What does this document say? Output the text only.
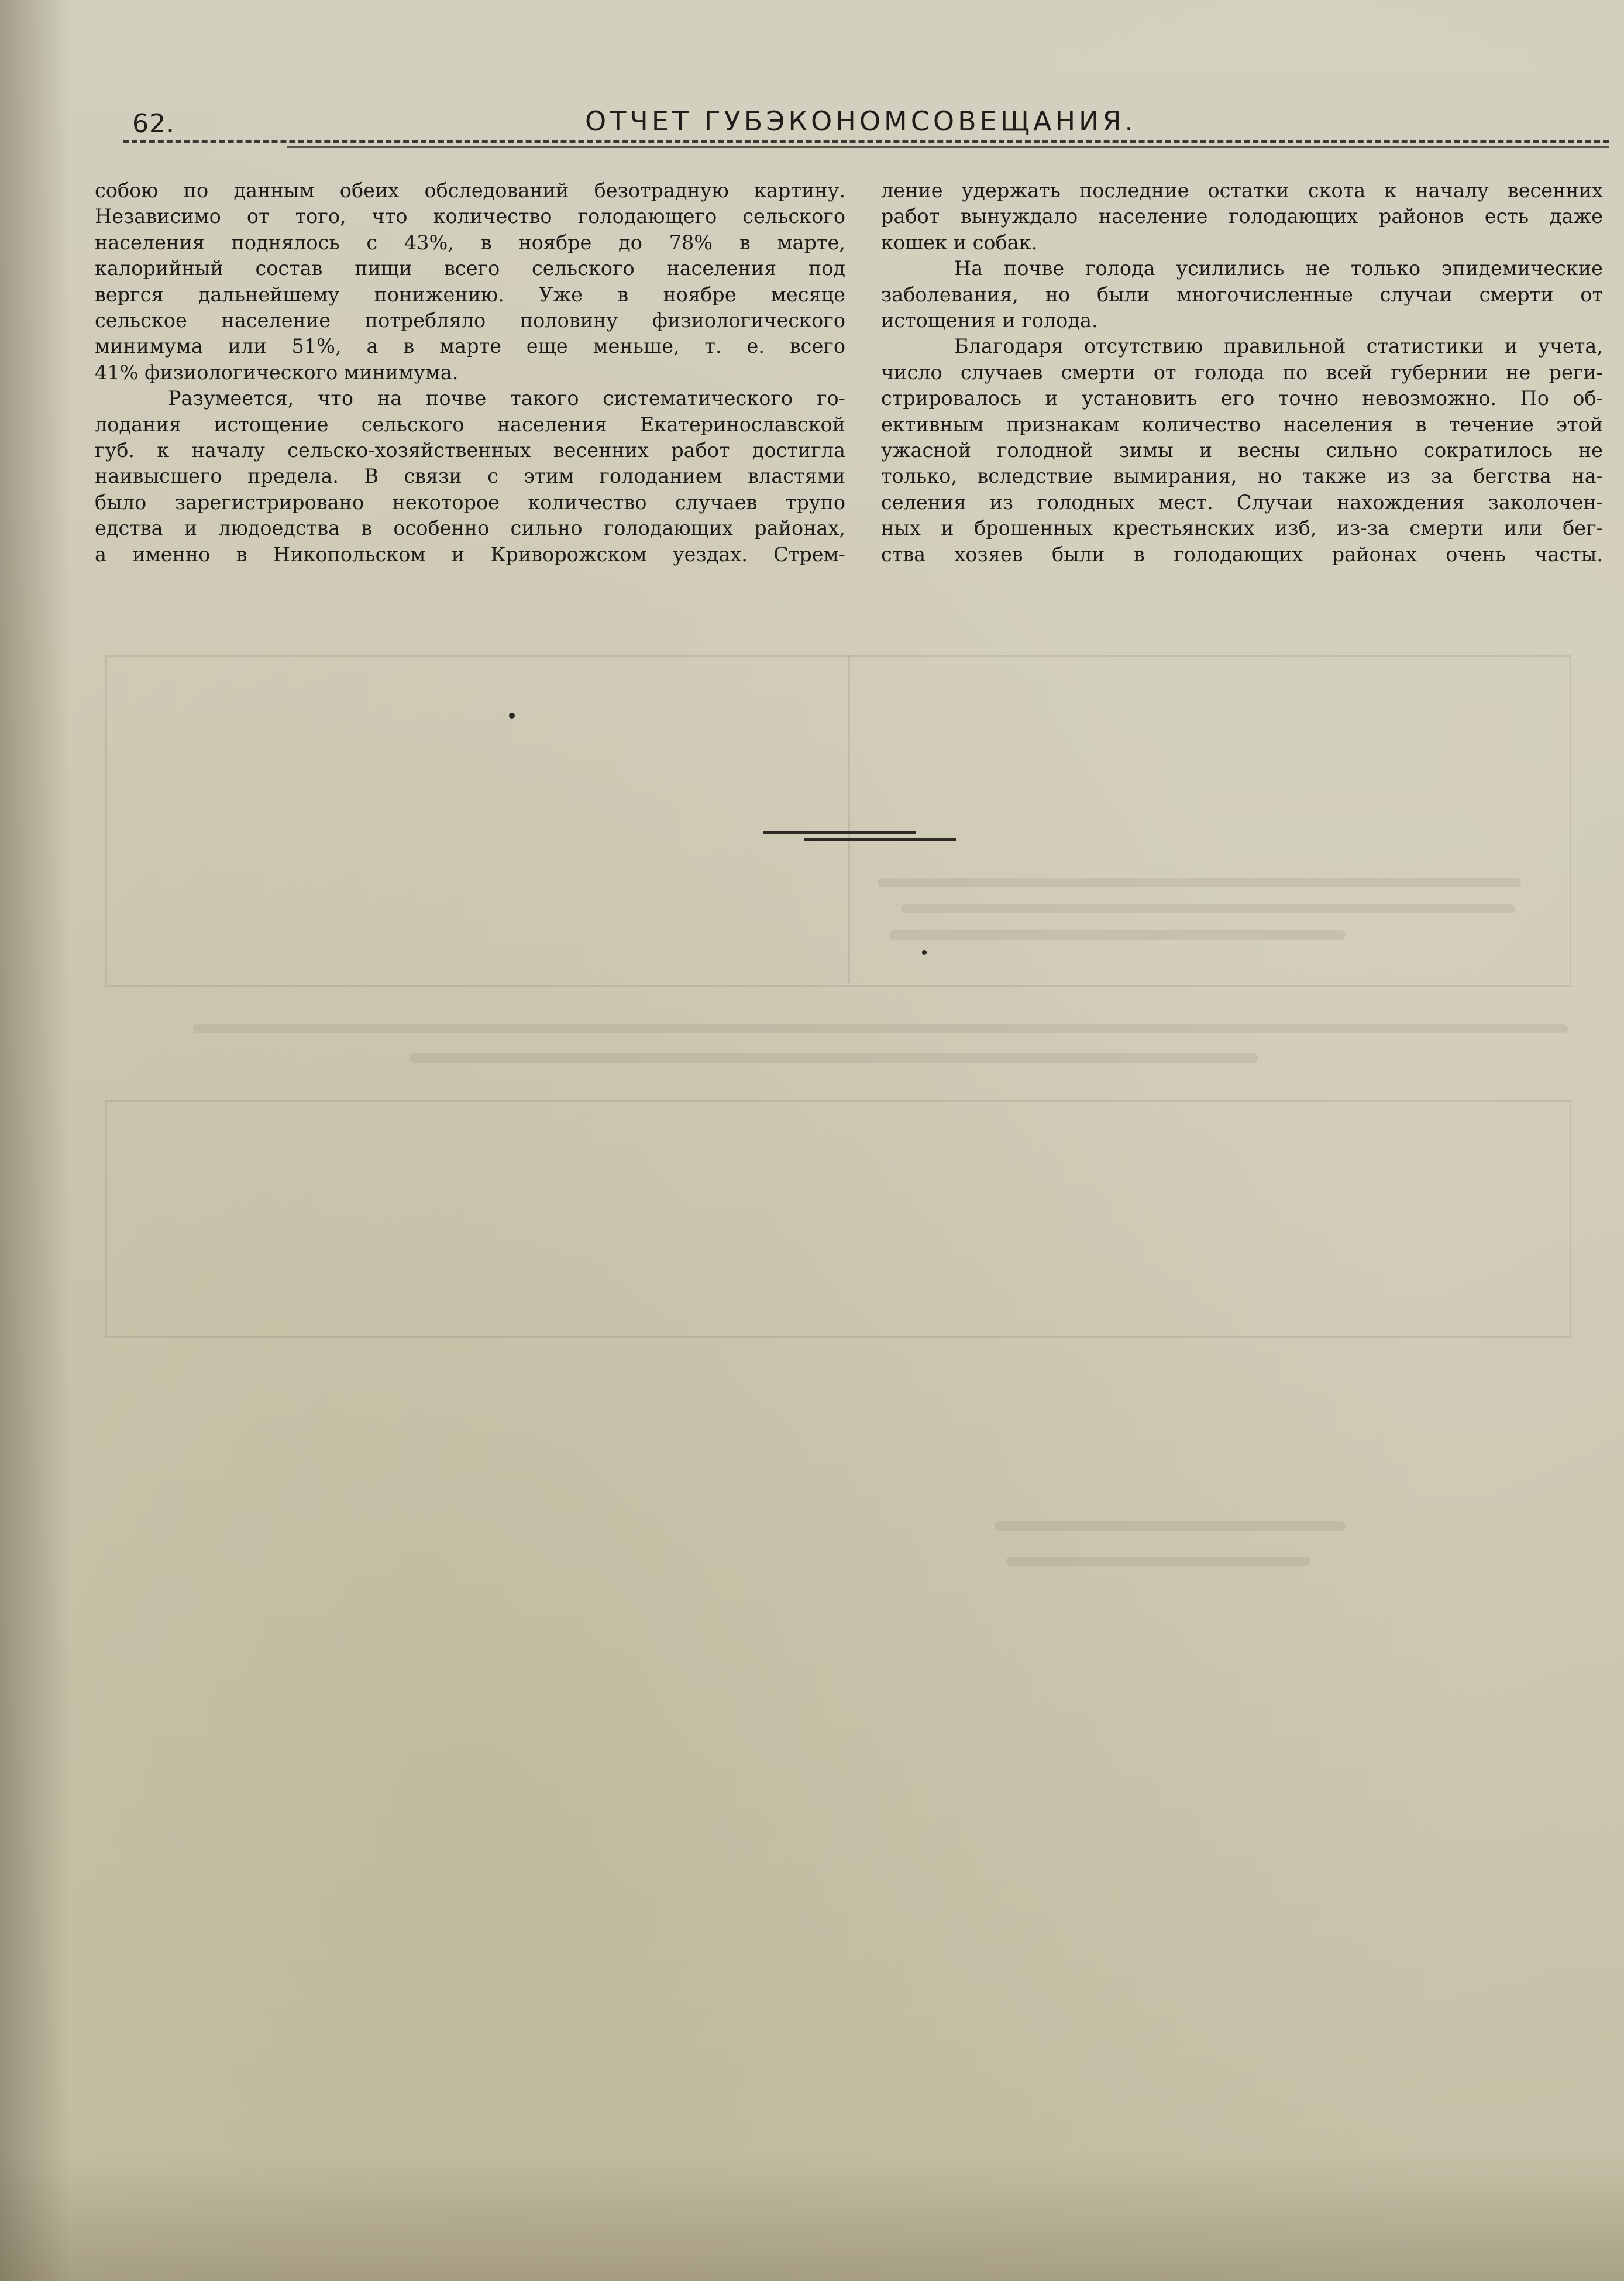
62.	ОТЧЕТ ГУБЭКОНОМСОВЕЩАНИЯ.
собою по данным обеих обследований безотрадную картину.
Независимо от того, что количество голодающего сельского
населения поднялось с 43%, в ноябре до 78% в марте,
калорийный состав пищи всего сельского населения под
вергся дальнейшему понижению. Уже в ноябре месяце
сельское население потребляло половину физиологического
минимума или 51%, а в марте еще меньше, т. е. всего
41% физиологического минимума.
Разумеется, что на почве такого систематического го-
лодания истощение сельского населения Екатеринославской
губ. к началу сельско-хозяйственных весенних работ достигла
наивысшего предела. В связи с этим голоданием властями
было зарегистрировано некоторое количество случаев трупо
едства и людоедства в особенно сильно голодающих районах,
а именно в Никопольском и Криворожском уездах. Стрем-
ление удержать последние остатки скота к началу весенних
работ вынуждало население голодающих районов есть даже
кошек и собак.
На почве голода усилились не только эпидемические
заболевания, но были многочисленные случаи смерти от
истощения и голода.
Благодаря отсутствию правильной статистики и учета,
число случаев смерти от голода по всей губернии не реги-
стрировалось и установить его точно невозможно. По об-
ективным признакам количество населения в течение этой
ужасной голодной зимы и весны сильно сократилось не
только, вследствие вымирания, но также из за бегства на-
селения из голодных мест. Случаи нахождения заколочен-
ных и брошенных крестьянских изб, из-за смерти или бег-
ства хозяев были в голодающих районах очень часты.
